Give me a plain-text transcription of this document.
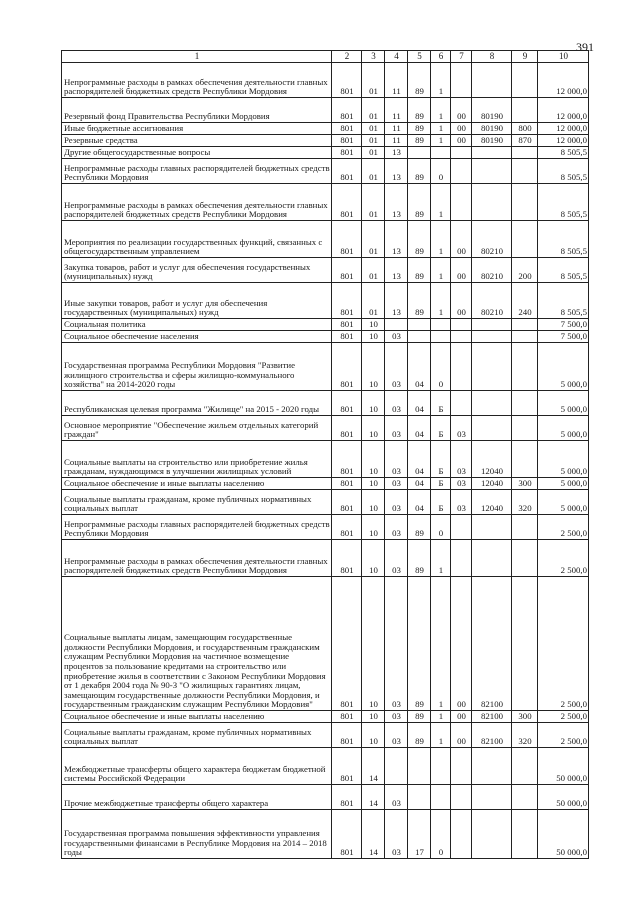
391
1	2	3	4	5	6	7	8	9	10
Непрограммные расходы в рамках обеспечения деятельности главных распорядителей бюджетных средств Республики Мордовия	801	01	11	89	1				12 000,0
Резервный фонд Правительства Республики Мордовия	801	01	11	89	1	00	80190		12 000,0
Иные бюджетные ассигнования	801	01	11	89	1	00	80190	800	12 000,0
Резервные средства	801	01	11	89	1	00	80190	870	12 000,0
Другие общегосударственные вопросы	801	01	13						8 505,5
Непрограммные расходы главных распорядителей бюджетных средств Республики Мордовия	801	01	13	89	0				8 505,5
Непрограммные расходы в рамках обеспечения деятельности главных распорядителей бюджетных средств Республики Мордовия	801	01	13	89	1				8 505,5
Мероприятия по реализации государственных функций, связанных с общегосударственным управлением	801	01	13	89	1	00	80210		8 505,5
Закупка товаров, работ и услуг для обеспечения государственных (муниципальных) нужд	801	01	13	89	1	00	80210	200	8 505,5
Иные закупки товаров, работ и услуг для обеспечения государственных (муниципальных) нужд	801	01	13	89	1	00	80210	240	8 505,5
Социальная политика	801	10							7 500,0
Социальное обеспечение населения	801	10	03						7 500,0
Государственная программа Республики Мордовия "Развитие жилищного строительства и сферы жилищно-коммунального хозяйства" на 2014-2020 годы	801	10	03	04	0				5 000,0
Республиканская целевая программа "Жилище" на 2015 - 2020 годы	801	10	03	04	Б				5 000,0
Основное мероприятие "Обеспечение жильем отдельных категорий граждан"	801	10	03	04	Б	03			5 000,0
Социальные выплаты на строительство или приобретение жилья гражданам, нуждающимся в улучшении жилищных условий	801	10	03	04	Б	03	12040		5 000,0
Социальное обеспечение и иные выплаты населению	801	10	03	04	Б	03	12040	300	5 000,0
Социальные выплаты гражданам, кроме публичных нормативных социальных выплат	801	10	03	04	Б	03	12040	320	5 000,0
Непрограммные расходы главных распорядителей бюджетных средств Республики Мордовия	801	10	03	89	0				2 500,0
Непрограммные расходы в рамках обеспечения деятельности главных распорядителей бюджетных средств Республики Мордовия	801	10	03	89	1				2 500,0
Социальные выплаты лицам, замещающим государственные должности Республики Мордовия, и государственным гражданским служащим Республики Мордовия на частичное возмещение процентов за пользование кредитами на строительство или приобретение жилья в соответствии с Законом Республики Мордовия от 1 декабря 2004 года № 90-З "О жилищных гарантиях лицам, замещающим государственные должности Республики Мордовия, и государственным гражданским служащим Республики Мордовия"	801	10	03	89	1	00	82100		2 500,0
Социальное обеспечение и иные выплаты населению	801	10	03	89	1	00	82100	300	2 500,0
Социальные выплаты гражданам, кроме публичных нормативных социальных выплат	801	10	03	89	1	00	82100	320	2 500,0
Межбюджетные трансферты общего характера бюджетам бюджетной системы Российской Федерации	801	14							50 000,0
Прочие межбюджетные трансферты общего характера	801	14	03						50 000,0
Государственная программа повышения эффективности управления государственными финансами в Республике Мордовия на 2014 – 2018 годы	801	14	03	17	0				50 000,0
